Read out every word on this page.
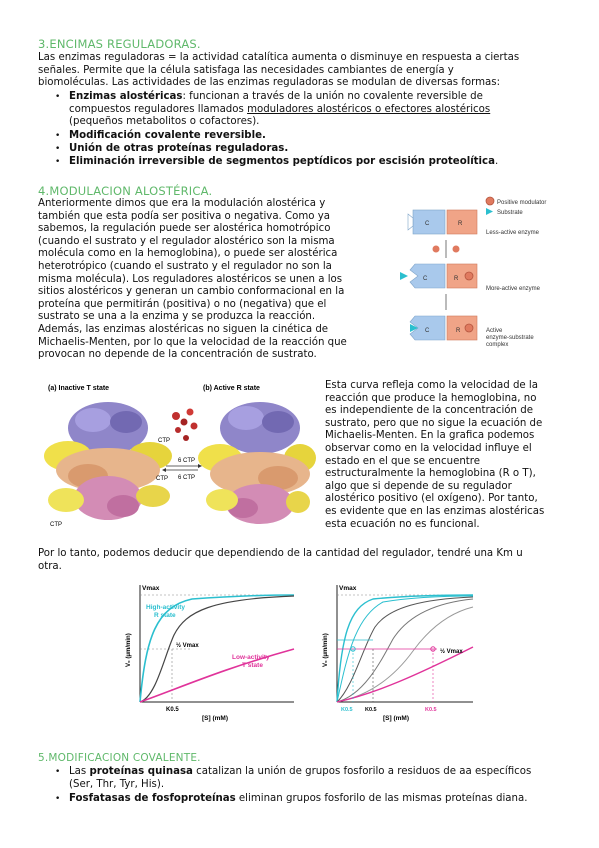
3.ENCIMAS REGULADORAS.
Las enzimas reguladoras = la actividad catalítica aumenta o disminuye en respuesta a ciertas
señales. Permite que la célula satisfaga las necesidades cambiantes de energía y
biomoléculas. Las actividades de las enzimas reguladoras se modulan de diversas formas:
• Enzimas alostéricas: funcionan a través de la unión no covalente reversible de
compuestos reguladores llamados moduladores alostéricos o efectores alostéricos
(pequeños metabolitos o cofactores).
• Modificación covalente reversible.
• Unión de otras proteínas reguladoras.
• Eliminación irreversible de segmentos peptídicos por escisión proteolítica.
4.MODULACION ALOSTÉRICA.
Anteriormente dimos que era la modulación alostérica y
también que esta podía ser positiva o negativa. Como ya
sabemos, la regulación puede ser alostérica homotrópico
(cuando el sustrato y el regulador alostérico son la misma
molécula como en la hemoglobina), o puede ser alostérica
heterotrópico (cuando el sustrato y el regulador no son la
misma molécula). Los reguladores alostéricos se unen a los
sitios alostéricos y generan un cambio conformacional en la
proteína que permitirán (positiva) o no (negativa) que el
sustrato se una a la enzima y se produzca la reacción.
Además, las enzimas alostéricas no siguen la cinética de
Michaelis-Menten, por lo que la velocidad de la reacción que
provocan no depende de la concentración de sustrato.
Positive modulator
Substrate
C	R
Less-active enzyme
C	R
More-active enzyme
C	R	Active
enzyme-substrate
complex
(a) Inactive T state	(b) Active R state
CTP
6 CTP
6 CTP
CTP
CTP
Esta curva refleja como la velocidad de la
reacción que produce la hemoglobina, no
es independiente de la concentración de
sustrato, pero que no sigue la ecuación de
Michaelis-Menten. En la grafica podemos
observar como en la velocidad influye el
estado en el que se encuentre
estructuralmente la hemoglobina (R o T),
algo que si depende de su regulador
alostérico positivo (el oxígeno). Por tanto,
es evidente que en las enzimas alostéricas
esta ecuación no es funcional.
Por lo tanto, podemos deducir que dependiendo de la cantidad del regulador, tendré una Km u
otra.
Vmax
High-activity
R state
Low-activity
T state
½ Vmax
V₀ (μm/min)
K0.5
[S] (mM)
Vmax
½ Vmax
V₀ (μm/min)
K0.5 K0.5	K0.5
[S] (mM)
5.MODIFICACION COVALENTE.
• Las proteínas quinasa catalizan la unión de grupos fosforilo a residuos de aa específicos
(Ser, Thr, Tyr, His).
• Fosfatasas de fosfoproteínas eliminan grupos fosforilo de las mismas proteínas diana.
